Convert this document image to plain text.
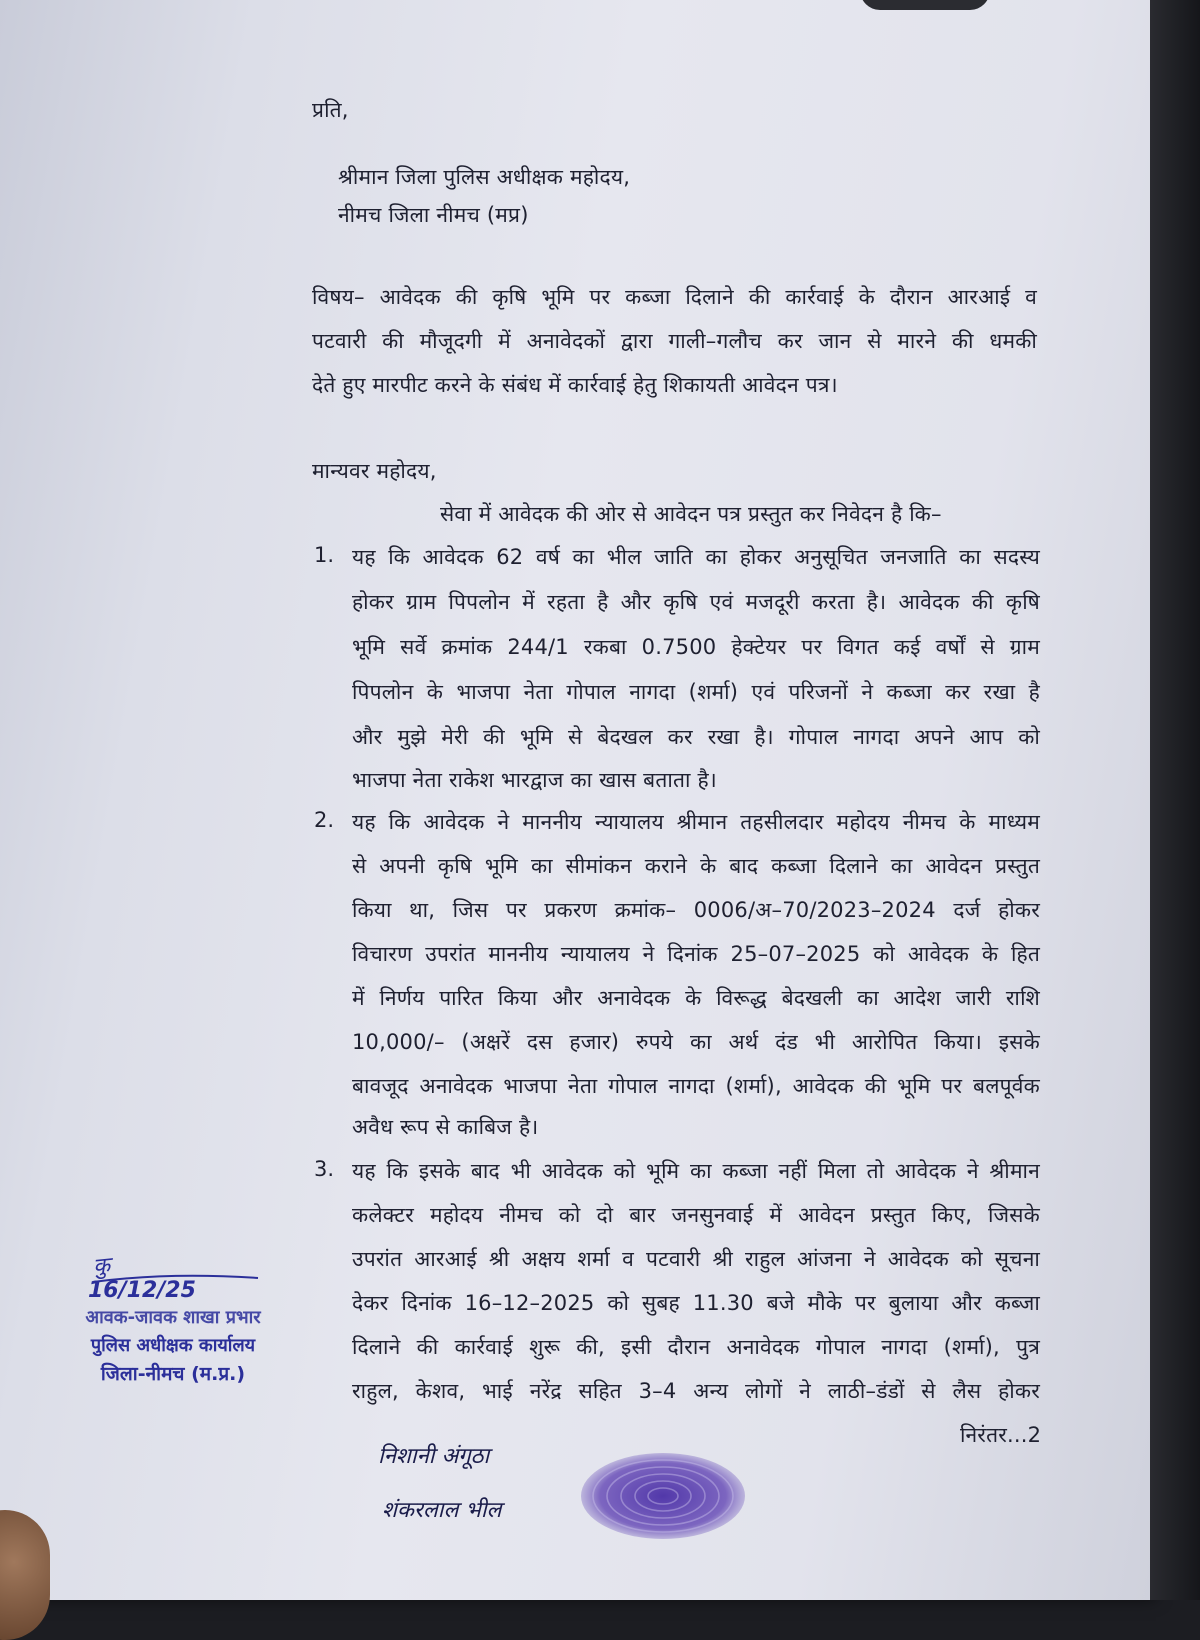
प्रति,
श्रीमान जिला पुलिस अधीक्षक महोदय,
नीमच जिला नीमच (मप्र)
विषय– आवेदक की कृषि भूमि पर कब्जा दिलाने की कार्रवाई के दौरान आरआई व
पटवारी की मौजूदगी में अनावेदकों द्वारा गाली–गलौच कर जान से मारने की धमकी
देते हुए मारपीट करने के संबंध में कार्रवाई हेतु शिकायती आवेदन पत्र।
मान्यवर महोदय,
सेवा में आवेदक की ओर से आवेदन पत्र प्रस्तुत कर निवेदन है कि–
1. यह कि आवेदक 62 वर्ष का भील जाति का होकर अनुसूचित जनजाति का सदस्य
होकर ग्राम पिपलोन में रहता है और कृषि एवं मजदूरी करता है। आवेदक की कृषि
भूमि सर्वे क्रमांक 244/1 रकबा 0.7500 हेक्टेयर पर विगत कई वर्षों से ग्राम
पिपलोन के भाजपा नेता गोपाल नागदा (शर्मा) एवं परिजनों ने कब्जा कर रखा है
और मुझे मेरी की भूमि से बेदखल कर रखा है। गोपाल नागदा अपने आप को
भाजपा नेता राकेश भारद्वाज का खास बताता है।
2. यह कि आवेदक ने माननीय न्यायालय श्रीमान तहसीलदार महोदय नीमच के माध्यम
से अपनी कृषि भूमि का सीमांकन कराने के बाद कब्जा दिलाने का आवेदन प्रस्तुत
किया था, जिस पर प्रकरण क्रमांक– 0006/अ–70/2023–2024 दर्ज होकर
विचारण उपरांत माननीय न्यायालय ने दिनांक 25–07–2025 को आवेदक के हित
में निर्णय पारित किया और अनावेदक के विरूद्ध बेदखली का आदेश जारी राशि
10,000/– (अक्षरें दस हजार) रुपये का अर्थ दंड भी आरोपित किया। इसके
बावजूद अनावेदक भाजपा नेता गोपाल नागदा (शर्मा), आवेदक की भूमि पर बलपूर्वक
अवैध रूप से काबिज है।
3. यह कि इसके बाद भी आवेदक को भूमि का कब्जा नहीं मिला तो आवेदक ने श्रीमान
कलेक्टर महोदय नीमच को दो बार जनसुनवाई में आवेदन प्रस्तुत किए, जिसके
उपरांत आरआई श्री अक्षय शर्मा व पटवारी श्री राहुल आंजना ने आवेदक को सूचना
देकर दिनांक 16–12–2025 को सुबह 11.30 बजे मौके पर बुलाया और कब्जा
दिलाने की कार्रवाई शुरू की, इसी दौरान अनावेदक गोपाल नागदा (शर्मा), पुत्र
राहुल, केशव, भाई नरेंद्र सहित 3–4 अन्य लोगों ने लाठी–डंडों से लैस होकर
निरंतर...2
कु
16/12/25
आवक-जावक शाखा प्रभार
पुलिस अधीक्षक कार्यालय
जिला-नीमच (म.प्र.)
निशानी अंगूठा
शंकरलाल भील
